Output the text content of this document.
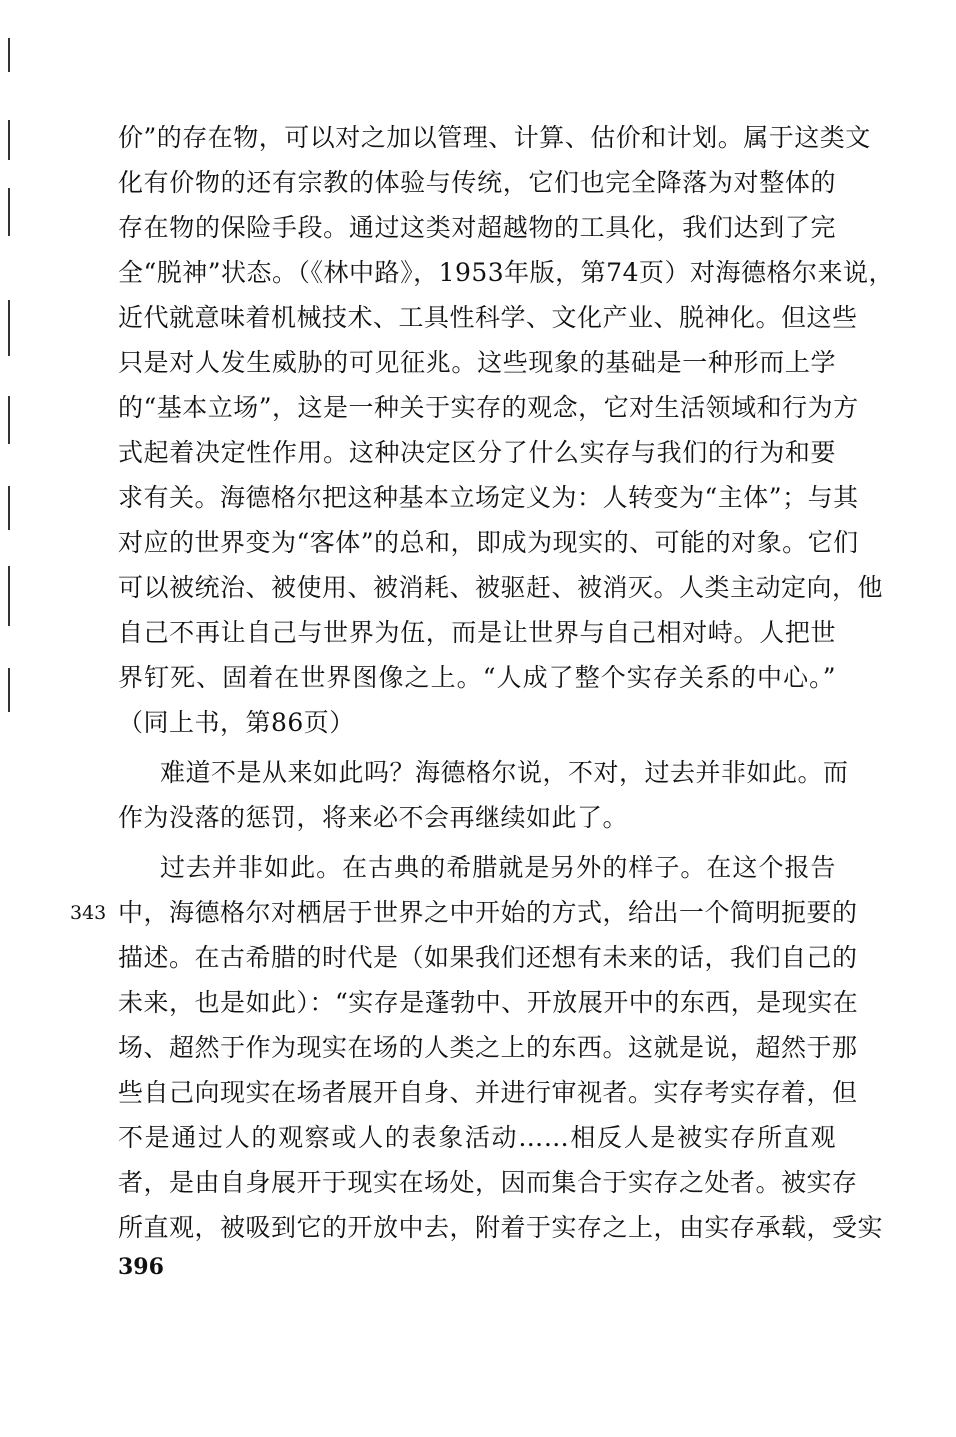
价”的存在物，可以对之加以管理、计算、估价和计划。属于这类文
化有价物的还有宗教的体验与传统，它们也完全降落为对整体的
存在物的保险手段。通过这类对超越物的工具化，我们达到了完
全“脱神”状态。（《林中路》，1953年版，第74页）对海德格尔来说，
近代就意味着机械技术、工具性科学、文化产业、脱神化。但这些
只是对人发生威胁的可见征兆。这些现象的基础是一种形而上学
的“基本立场”，这是一种关于实存的观念，它对生活领域和行为方
式起着决定性作用。这种决定区分了什么实存与我们的行为和要
求有关。海德格尔把这种基本立场定义为：人转变为“主体”；与其
对应的世界变为“客体”的总和，即成为现实的、可能的对象。它们
可以被统治、被使用、被消耗、被驱赶、被消灭。人类主动定向，他
自己不再让自己与世界为伍，而是让世界与自己相对峙。人把世
界钉死、固着在世界图像之上。“人成了整个实存关系的中心。”
（同上书，第86页）
难道不是从来如此吗？海德格尔说，不对，过去并非如此。而
作为没落的惩罚，将来必不会再继续如此了。
过去并非如此。在古典的希腊就是另外的样子。在这个报告
343 中，海德格尔对栖居于世界之中开始的方式，给出一个简明扼要的
描述。在古希腊的时代是（如果我们还想有未来的话，我们自己的
未来，也是如此）：“实存是蓬勃中、开放展开中的东西，是现实在
场、超然于作为现实在场的人类之上的东西。这就是说，超然于那
些自己向现实在场者展开自身、并进行审视者。实存考实存着，但
不是通过人的观察或人的表象活动……相反人是被实存所直观
者，是由自身展开于现实在场处，因而集合于实存之处者。被实存
所直观，被吸到它的开放中去，附着于实存之上，由实存承载，受实
396
